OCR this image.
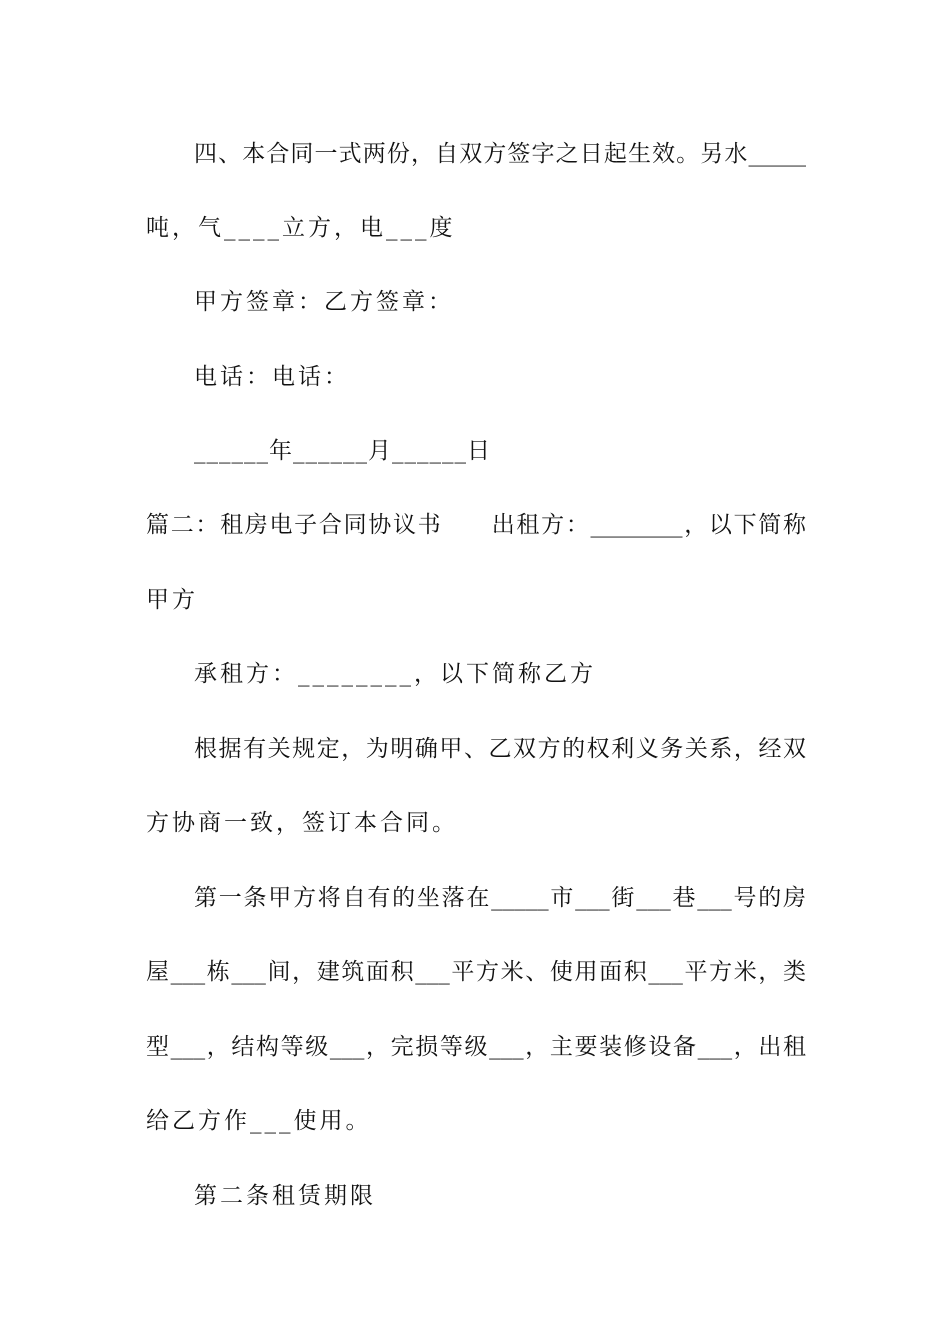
四、本合同一式两份，自双方签字之日起生效。另水_____
吨，气____立方，电___度
甲方签章：乙方签章：
电话：电话：
______年______月______日
篇二：租房电子合同协议书　　出租方：________，以下简称
甲方
承租方：________，以下简称乙方
根据有关规定，为明确甲、乙双方的权利义务关系，经双
方协商一致，签订本合同。
第一条甲方将自有的坐落在_____市___街___巷___号的房
屋___栋___间，建筑面积___平方米、使用面积___平方米，类
型___，结构等级___，完损等级___，主要装修设备___，出租
给乙方作___使用。
第二条租赁期限
